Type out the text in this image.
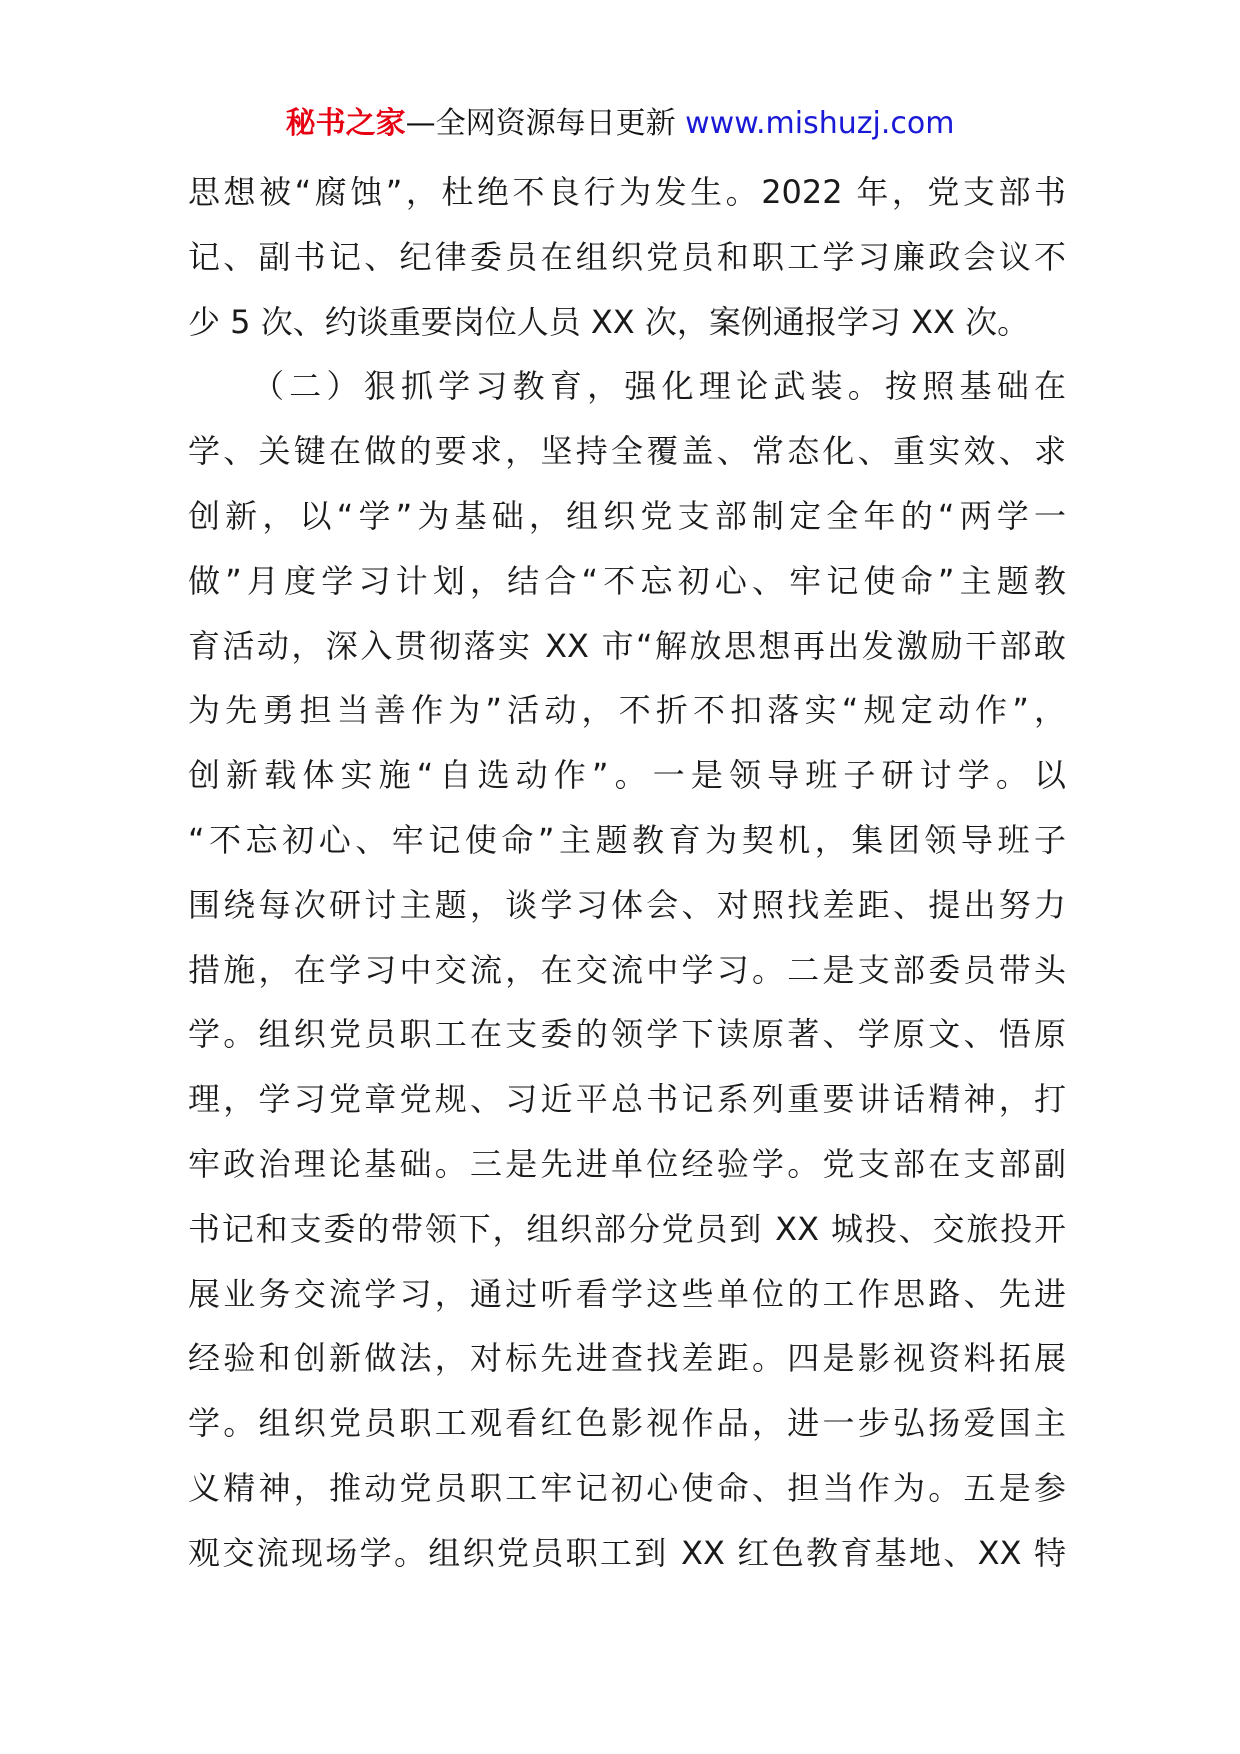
秘书之家—全网资源每日更新 www.mishuzj.com
思想被“腐蚀”，杜绝不良行为发生。2022 年，党支部书
记、副书记、纪律委员在组织党员和职工学习廉政会议不
少 5 次、约谈重要岗位人员 XX 次，案例通报学习 XX 次。
（二）狠抓学习教育，强化理论武装。按照基础在
学、关键在做的要求，坚持全覆盖、常态化、重实效、求
创新，以“学”为基础，组织党支部制定全年的“两学一
做”月度学习计划，结合“不忘初心、牢记使命”主题教
育活动，深入贯彻落实 XX 市“解放思想再出发激励干部敢
为先勇担当善作为”活动，不折不扣落实“规定动作”，
创新载体实施“自选动作”。一是领导班子研讨学。以
“不忘初心、牢记使命”主题教育为契机，集团领导班子
围绕每次研讨主题，谈学习体会、对照找差距、提出努力
措施，在学习中交流，在交流中学习。二是支部委员带头
学。组织党员职工在支委的领学下读原著、学原文、悟原
理，学习党章党规、习近平总书记系列重要讲话精神，打
牢政治理论基础。三是先进单位经验学。党支部在支部副
书记和支委的带领下，组织部分党员到 XX 城投、交旅投开
展业务交流学习，通过听看学这些单位的工作思路、先进
经验和创新做法，对标先进查找差距。四是影视资料拓展
学。组织党员职工观看红色影视作品，进一步弘扬爱国主
义精神，推动党员职工牢记初心使命、担当作为。五是参
观交流现场学。组织党员职工到 XX 红色教育基地、XX 特
